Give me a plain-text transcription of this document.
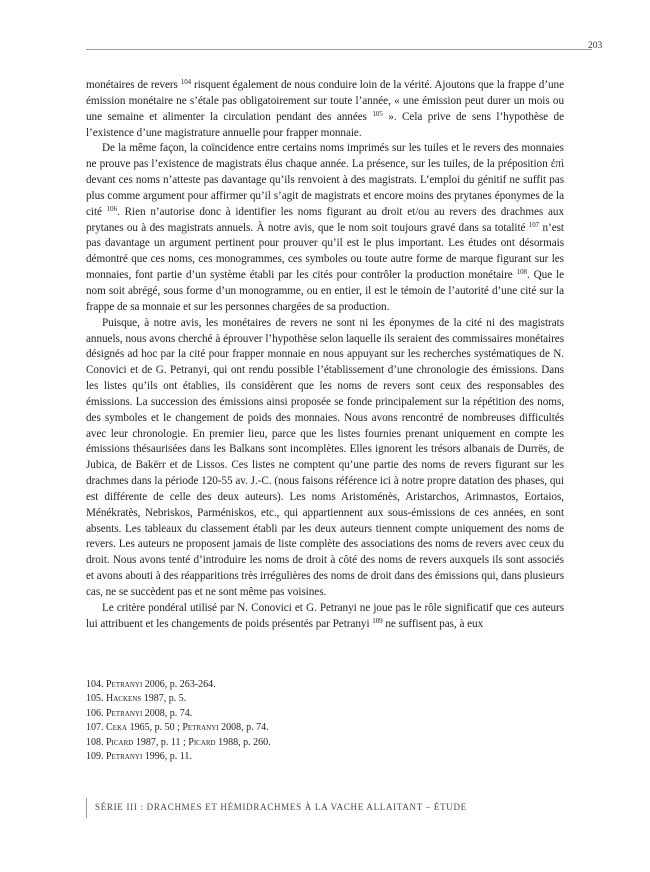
203

monétaires de revers $^{104}$ risquent également de nous conduire loin de la vérité. Ajoutons que la frappe d’une émission monétaire ne s’étale pas obligatoirement sur toute l’année, « une émission peut durer un mois ou une semaine et alimenter la circulation pendant des années $^{105}$ ». Cela prive de sens l’hypothèse de l’existence d’une magistrature annuelle pour frapper monnaie.

De la même façon, la coïncidence entre certains noms imprimés sur les tuiles et le revers des monnaies ne prouve pas l’existence de magistrats élus chaque année. La présence, sur les tuiles, de la préposition ἐπὶ devant ces noms n’atteste pas davantage qu’ils renvoient à des magistrats. L’emploi du génitif ne suffit pas plus comme argument pour affirmer qu’il s’agit de magistrats et encore moins des prytanes éponymes de la cité $^{106}$. Rien n’autorise donc à identifier les noms figurant au droit et/ou au revers des drachmes aux prytanes ou à des magistrats annuels. À notre avis, que le nom soit toujours gravé dans sa totalité $^{107}$ n’est pas davantage un argument pertinent pour prouver qu’il est le plus important. Les études ont désormais démontré que ces noms, ces monogrammes, ces symboles ou toute autre forme de marque figurant sur les monnaies, font partie d’un système établi par les cités pour contrôler la production monétaire $^{108}$. Que le nom soit abrégé, sous forme d’un monogramme, ou en entier, il est le témoin de l’autorité d’une cité sur la frappe de sa monnaie et sur les personnes chargées de sa production.

Puisque, à notre avis, les monétaires de revers ne sont ni les éponymes de la cité ni des magistrats annuels, nous avons cherché à éprouver l’hypothèse selon laquelle ils seraient des commissaires monétaires désignés ad hoc par la cité pour frapper monnaie en nous appuyant sur les recherches systématiques de N. Conovici et de G. Petranyi, qui ont rendu possible l’établissement d’une chronologie des émissions. Dans les listes qu’ils ont établies, ils considèrent que les noms de revers sont ceux des responsables des émissions. La succession des émissions ainsi proposée se fonde principalement sur la répétition des noms, des symboles et le changement de poids des monnaies. Nous avons rencontré de nombreuses difficultés avec leur chronologie. En premier lieu, parce que les listes fournies prenant uniquement en compte les émissions thésaurisées dans les Balkans sont incomplètes. Elles ignorent les trésors albanais de Durrës, de Jubica, de Bakërr et de Lissos. Ces listes ne comptent qu’une partie des noms de revers figurant sur les drachmes dans la période 120-55 av. J.-C. (nous faisons référence ici à notre propre datation des phases, qui est différente de celle des deux auteurs). Les noms Aristoménès, Aristarchos, Arimnastos, Eortaios, Ménékratès, Nebriskos, Parméniskos, etc., qui appartiennent aux sous-émissions de ces années, en sont absents. Les tableaux du classement établi par les deux auteurs tiennent compte uniquement des noms de revers. Les auteurs ne proposent jamais de liste complète des associations des noms de revers avec ceux du droit. Nous avons tenté d’introduire les noms de droit à côté des noms de revers auxquels ils sont associés et avons abouti à des réapparitions très irrégulières des noms de droit dans des émissions qui, dans plusieurs cas, ne se succèdent pas et ne sont même pas voisines.

Le critère pondéral utilisé par N. Conovici et G. Petranyi ne joue pas le rôle significatif que ces auteurs lui attribuent et les changements de poids présentés par Petranyi $^{109}$ ne suffisent pas, à eux

104. Petranyi 2006, p. 263-264.
105. Hackens 1987, p. 5.
106. Petranyi 2008, p. 74.
107. Ceka 1965, p. 50 ; Petranyi 2008, p. 74.
108. Picard 1987, p. 11 ; Picard 1988, p. 260.
109. Petranyi 1996, p. 11.
SÉRIE III : DRACHMES ET HÉMIDRACHMES À LA VACHE ALLAITANT – ÉTUDE
